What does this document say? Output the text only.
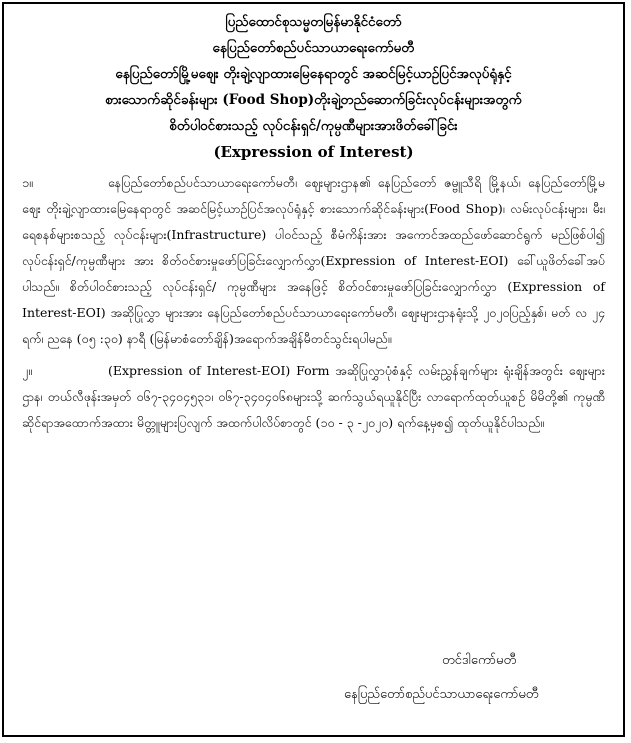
ပြည်ထောင်စုသမ္မတမြန်မာနိုင်ငံတော်
နေပြည်တော်စည်ပင်သာယာရေးကော်မတီ
နေပြည်တော်မြို့မဈေး တိုးချဲ့လျာထားမြေနေရာတွင် အဆင်မြင့်ယာဉ်ပြင်အလုပ်ရုံနှင့်
စားသောက်ဆိုင်ခန်းများ (Food Shop)တိုးချဲ့တည်ဆောက်ခြင်းလုပ်ငန်းများအတွက်
စိတ်ပါဝင်စားသည့် လုပ်ငန်းရှင်/ကုမ္ပဏီများအားဖိတ်ခေါ်ခြင်း
(Expression of Interest)

၁။	နေပြည်တော်စည်ပင်သာယာရေးကော်မတီ၊ ဈေးများဌာန၏ နေပြည်တော် ဇမ္ဗူသီရိ မြို့နယ်၊ နေပြည်တော်မြို့မဈေး တိုးချဲ့လျာထားမြေနေရာတွင် အဆင်မြင့်ယာဉ်ပြင်အလုပ်ရုံနှင့် စားသောက်ဆိုင်ခန်းများ(Food Shop)၊ လမ်းလုပ်ငန်းများ၊ မီး၊ ရေစနစ်များစသည့် လုပ်ငန်းများ(Infrastructure) ပါဝင်သည့် စီမံကိန်းအား အကောင်အထည်ဖော်ဆောင်ရွက် မည်ဖြစ်ပါ၍ လုပ်ငန်းရှင်/ကုမ္ပဏီများ အား စိတ်ဝင်စားမှုဖော်ပြခြင်းလျှောက်လွှာ(Expression of Interest-EOI) ခေါ်ယူဖိတ်ခေါ်အပ်ပါသည်။ စိတ်ပါဝင်စားသည့် လုပ်ငန်းရှင်/ ကုမ္ပဏီများ အနေဖြင့် စိတ်ဝင်စားမှုဖော်ပြခြင်းလျှောက်လွှာ (Expression of Interest-EOI) အဆိုပြုလွှာ များအား နေပြည်တော်စည်ပင်သာယာရေးကော်မတီ၊ ဈေးများဌာနရုံးသို့ ၂၀၂၀ပြည့်နှစ်၊ မတ် လ ၂၄ ရက်၊ ညနေ (၀၅ :၃၀) နာရီ (မြန်မာစံတော်ချိန်)အရောက်အချိန်မီတင်သွင်းရပါမည်။

၂။	(Expression of Interest-EOI) Form အဆိုပြုလွှာပုံစံနှင့် လမ်းညွှန်ချက်များ ရုံးချိန်အတွင်း ဈေးများဌာန၊ တယ်လီဖုန်းအမှတ် ၀၆၇-၃၄၀၄၅၃၁၊ ၀၆၇-၃၄၀၄၀၆၈များသို့ ဆက်သွယ်ရယူနိုင်ပြီး လာရောက်ထုတ်ယူစဉ် မိမိတို့၏ ကုမ္ပဏီဆိုင်ရာအထောက်အထား မိတ္တူများပြလျက် အထက်ပါလိပ်စာတွင် (၁၀ - ၃ -၂၀၂၀) ရက်နေ့မှစ၍ ထုတ်ယူနိုင်ပါသည်။

တင်ဒါကော်မတီ
နေပြည်တော်စည်ပင်သာယာရေးကော်မတီ
